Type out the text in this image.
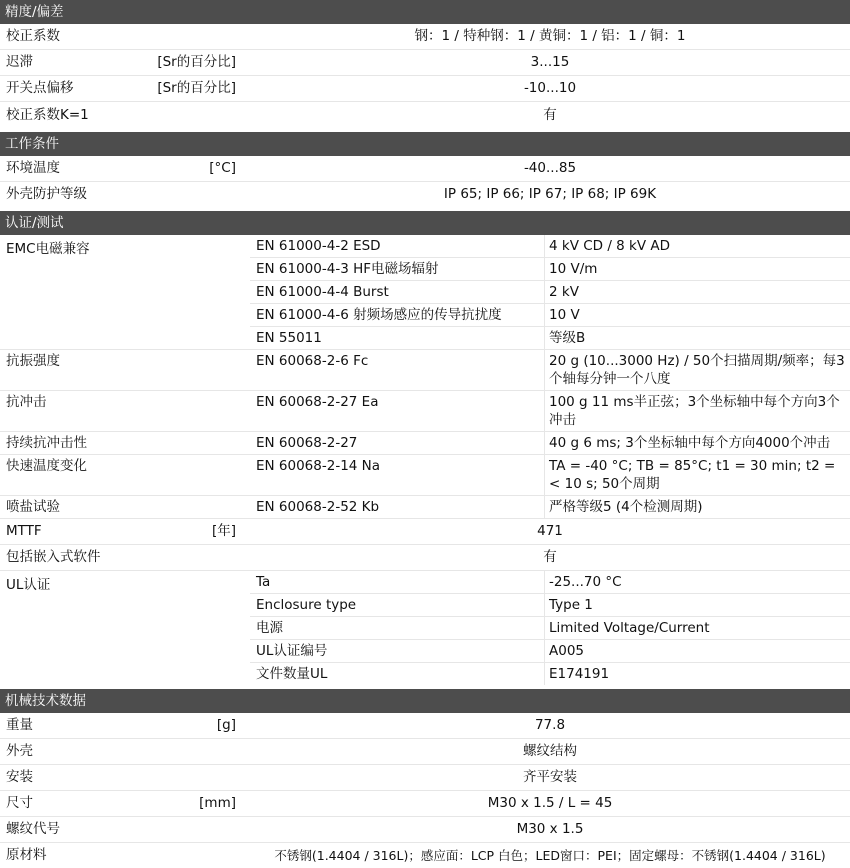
精度/偏差
校正系数	钢：1 / 特种钢：1 / 黄铜：1 / 铝：1 / 铜：1
迟滞	[Sr的百分比]	3...15
开关点偏移	[Sr的百分比]	-10...10
校正系数K=1	有
工作条件
环境温度	[°C]	-40...85
外壳防护等级	IP 65; IP 66; IP 67; IP 68; IP 69K
认证/测试
EMC电磁兼容	EN 61000-4-2 ESD	4 kV CD / 8 kV AD
EN 61000-4-3 HF电磁场辐射	10 V/m
EN 61000-4-4 Burst	2 kV
EN 61000-4-6 射频场感应的传导抗扰度	10 V
EN 55011	等级B
抗振强度	EN 60068-2-6 Fc	20 g (10...3000 Hz) / 50个扫描周期/频率；每3个轴每分钟一个八度
抗冲击	EN 60068-2-27 Ea	100 g 11 ms半正弦；3个坐标轴中每个方向3个冲击
持续抗冲击性	EN 60068-2-27	40 g 6 ms; 3个坐标轴中每个方向4000个冲击
快速温度变化	EN 60068-2-14 Na	TA = -40 °C; TB = 85°C; t1 = 30 min; t2 = < 10 s; 50个周期
喷盐试验	EN 60068-2-52 Kb	严格等级5 (4个检测周期)
MTTF	[年]	471
包括嵌入式软件	有
UL认证	Ta	-25...70 °C
Enclosure type	Type 1
电源	Limited Voltage/Current
UL认证编号	A005
文件数量UL	E174191
机械技术数据
重量	[g]	77.8
外壳	螺纹结构
安装	齐平安装
尺寸	[mm]	M30 x 1.5 / L = 45
螺纹代号	M30 x 1.5
原材料	不锈钢(1.4404 / 316L)；感应面：LCP 白色；LED窗口：PEI；固定螺母：不锈钢(1.4404 / 316L)
